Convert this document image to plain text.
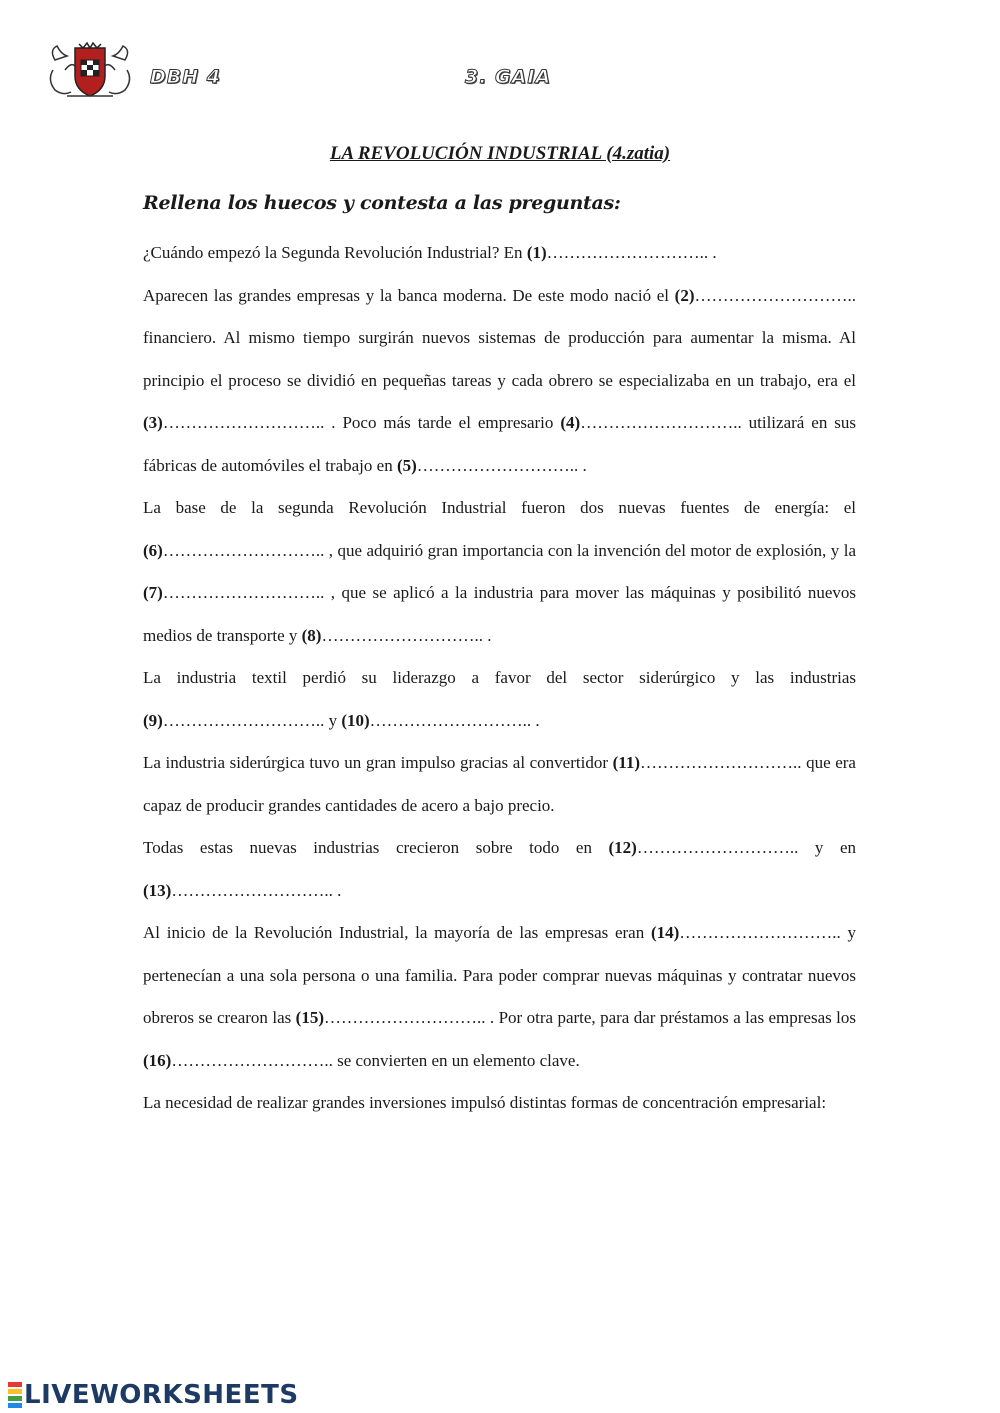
DBH 4	3. GAIA
LA REVOLUCIÓN INDUSTRIAL (4.zatia)
Rellena los huecos y contesta a las preguntas:

¿Cuándo empezó la Segunda Revolución Industrial? En (1)……………………….. .

Aparecen las grandes empresas y la banca moderna. De este modo nació el (2)……………………….. financiero. Al mismo tiempo surgirán nuevos sistemas de producción para aumentar la misma. Al principio el proceso se dividió en pequeñas tareas y cada obrero se especializaba en un trabajo, era el (3)……………………….. . Poco más tarde el empresario (4)……………………….. utilizará en sus fábricas de automóviles el trabajo en (5)……………………….. .

La base de la segunda Revolución Industrial fueron dos nuevas fuentes de energía: el (6)……………………….. , que adquirió gran importancia con la invención del motor de explosión, y la (7)……………………….. , que se aplicó a la industria para mover las máquinas y posibilitó nuevos medios de transporte y (8)……………………….. .

La industria textil perdió su liderazgo a favor del sector siderúrgico y las industrias (9)……………………….. y (10)……………………….. .

La industria siderúrgica tuvo un gran impulso gracias al convertidor (11)……………………….. que era capaz de producir grandes cantidades de acero a bajo precio.

Todas estas nuevas industrias crecieron sobre todo en (12)……………………….. y en (13)……………………….. .

Al inicio de la Revolución Industrial, la mayoría de las empresas eran (14)……………………….. y pertenecían a una sola persona o una familia. Para poder comprar nuevas máquinas y contratar nuevos obreros se crearon las (15)……………………….. . Por otra parte, para dar préstamos a las empresas los (16)……………………….. se convierten en un elemento clave.

La necesidad de realizar grandes inversiones impulsó distintas formas de concentración empresarial:

LIVEWORKSHEETS
